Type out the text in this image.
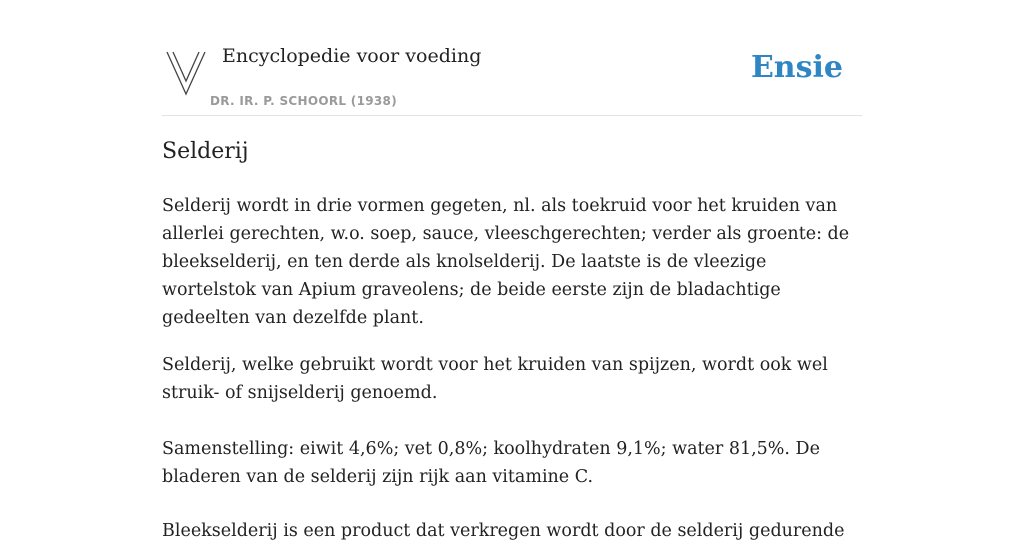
Encyclopedie voor voeding
DR. IR. P. SCHOORL (1938)
Ensie
Selderij

Selderij wordt in drie vormen gegeten, nl. als toekruid voor het kruiden van allerlei gerechten, w.o. soep, sauce, vleeschgerechten; verder als groente: de bleekselderij, en ten derde als knolselderij. De laatste is de vleezige wortelstok van Apium graveolens; de beide eerste zijn de bladachtige gedeelten van dezelfde plant.

Selderij, welke gebruikt wordt voor het kruiden van spijzen, wordt ook wel struik- of snijselderij genoemd.

Samenstelling: eiwit 4,6%; vet 0,8%; koolhydraten 9,1%; water 81,5%. De bladeren van de selderij zijn rijk aan vitamine C.

Bleekselderij is een product dat verkregen wordt door de selderij gedurende
